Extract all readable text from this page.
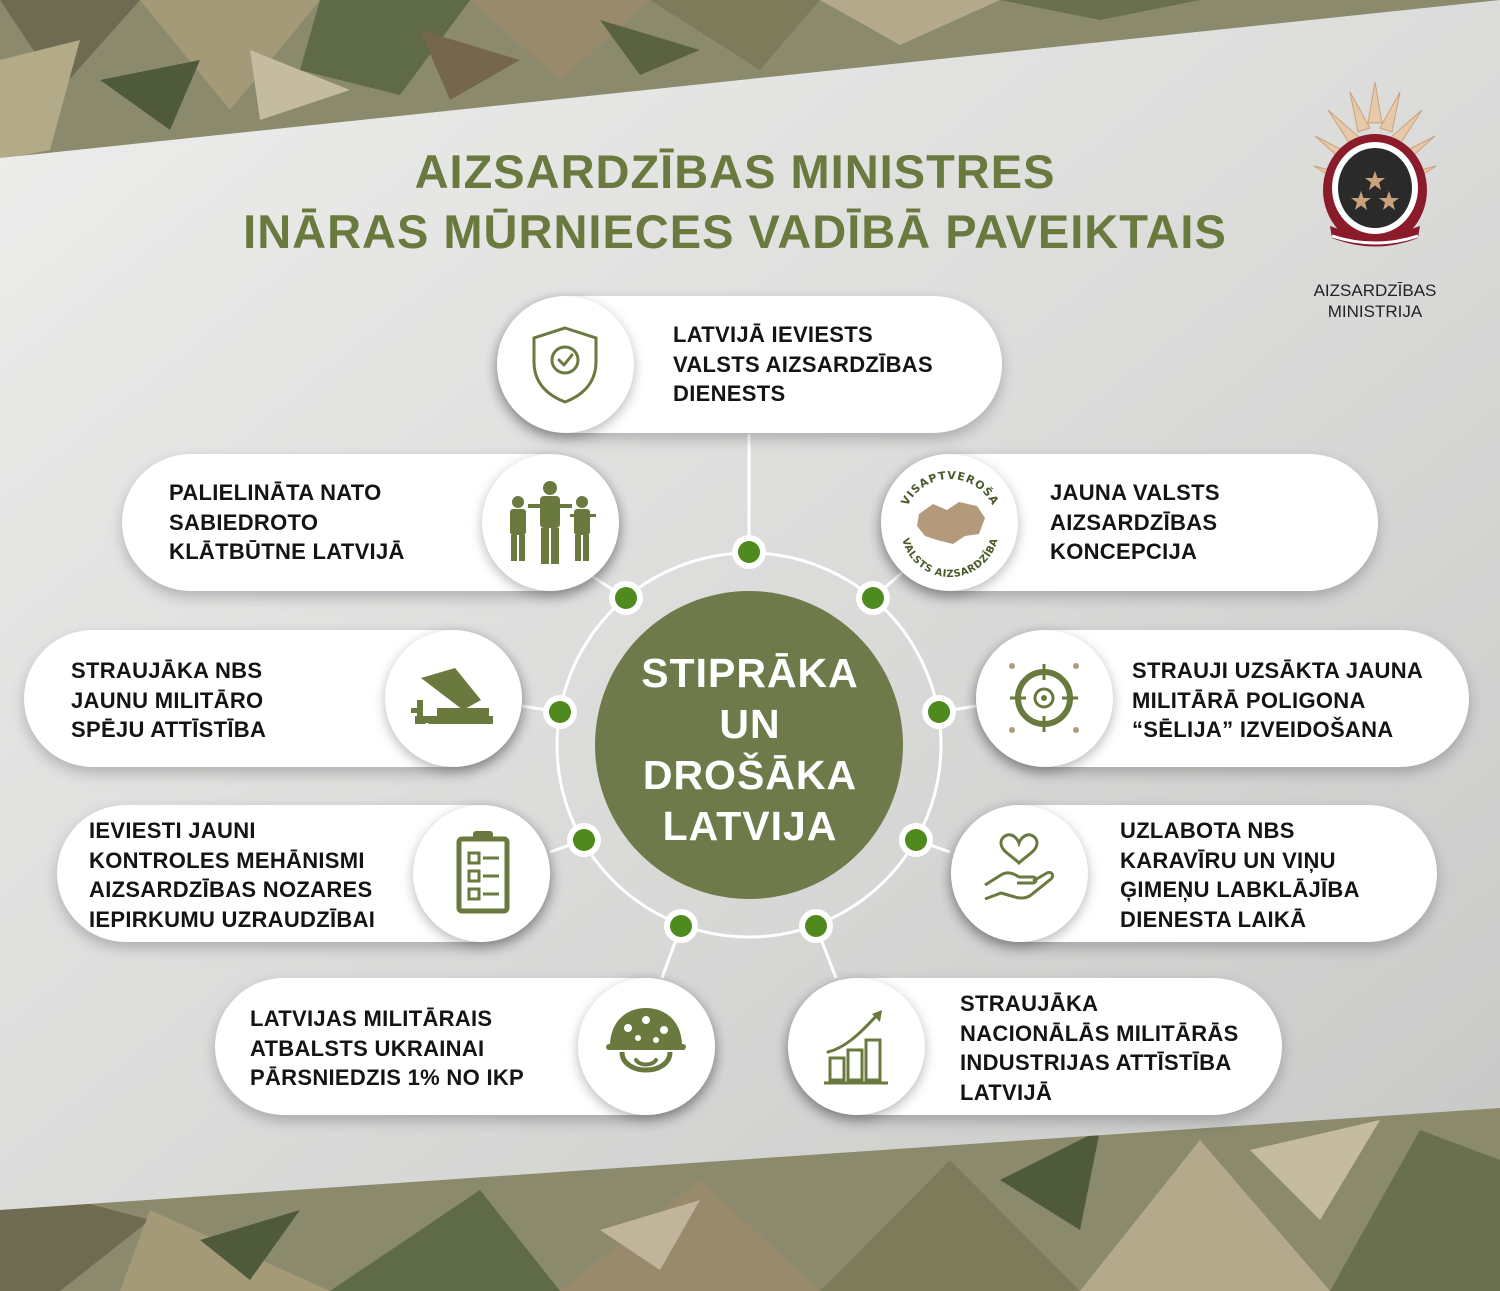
AIZSARDZĪBAS MINISTRES
INĀRAS MŪRNIECES VADĪBĀ PAVEIKTAIS
AIZSARDZĪBAS
MINISTRIJA
STIPRĀKA
UN
DROŠĀKA
LATVIJA
LATVIJĀ IEVIESTS
VALSTS AIZSARDZĪBAS
DIENESTS
PALIELINĀTA NATO
SABIEDROTO
KLĀTBŪTNE LATVIJĀ
VISAPTVEROŠA
VALSTS AIZSARDZĪBA
JAUNA VALSTS
AIZSARDZĪBAS
KONCEPCIJA
STRAUJĀKA NBS
JAUNU MILITĀRO
SPĒJU ATTĪSTĪBA
STRAUJI UZSĀKTA JAUNA
MILITĀRĀ POLIGONA
“SĒLIJA” IZVEIDOŠANA
IEVIESTI JAUNI
KONTROLES MEHĀNISMI
AIZSARDZĪBAS NOZARES
IEPIRKUMU UZRAUDZĪBAI
UZLABOTA NBS
KARAVĪRU UN VIŅU
ĢIMEŅU LABKLĀJĪBA
DIENESTA LAIKĀ
LATVIJAS MILITĀRAIS
ATBALSTS UKRAINAI
PĀRSNIEDZIS 1% NO IKP
STRAUJĀKA
NACIONĀLĀS MILITĀRĀS
INDUSTRIJAS ATTĪSTĪBA
LATVIJĀ
